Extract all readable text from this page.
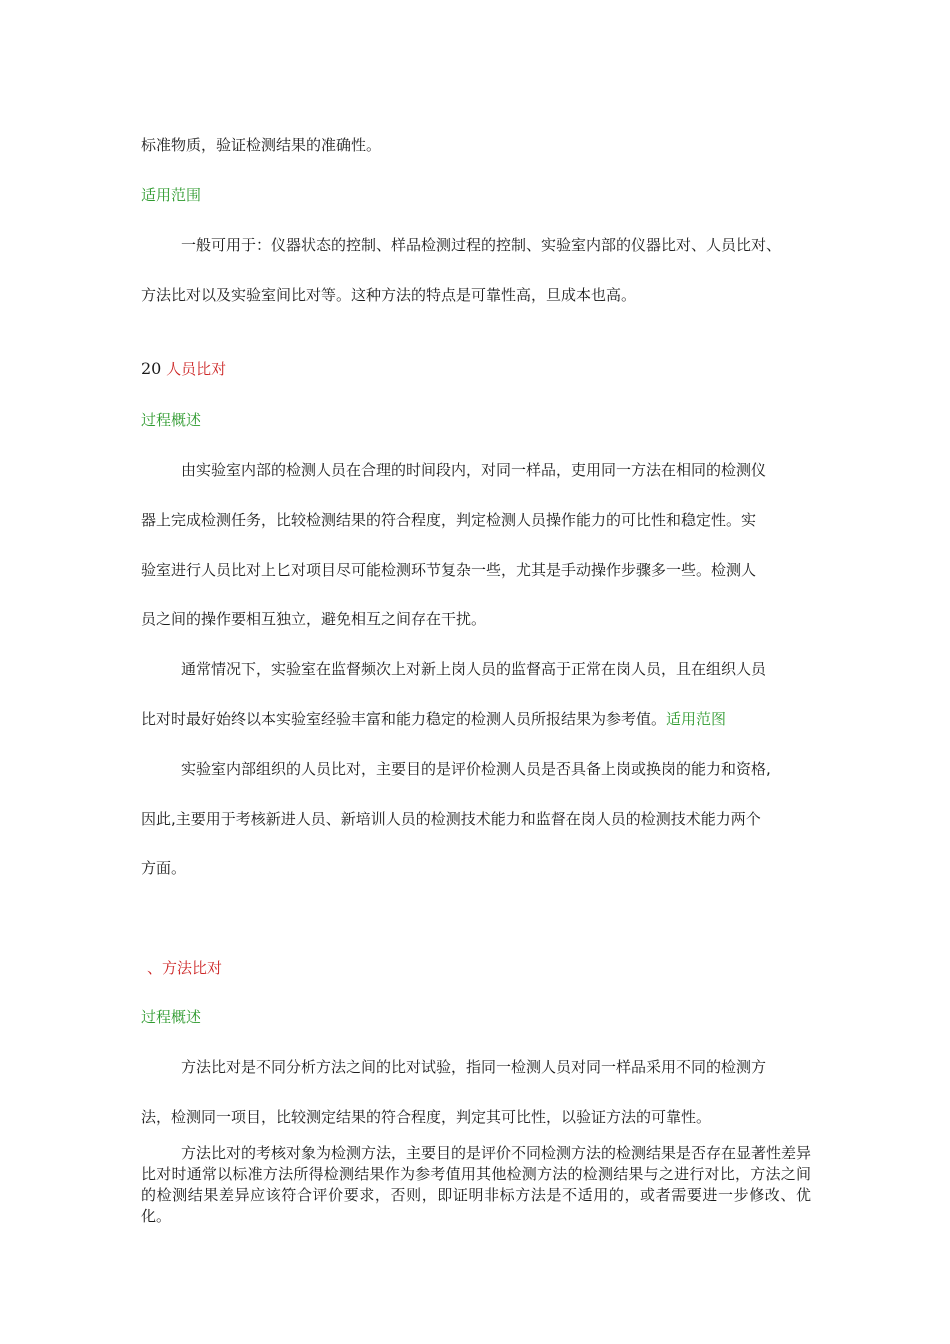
标准物质，验证检测结果的准确性。
适用范围
一般可用于：仪器状态的控制、样品检测过程的控制、实验室内部的仪器比对、人员比对、
方法比对以及实验室间比对等。这种方法的特点是可靠性高，旦成本也高。
20 人员比对
过程概述
由实验室内部的检测人员在合理的时间段内，对同一样品，吏用同一方法在相同的检测仪
器上完成检测任务，比较检测结果的符合程度，判定检测人员操作能力的可比性和稳定性。实
验室进行人员比对上匕对项目尽可能检测环节复杂一些，尤其是手动操作步骤多一些。检测人
员之间的操作要相互独立，避免相互之间存在干扰。
通常情况下，实验室在监督频次上对新上岗人员的监督高于正常在岗人员，且在组织人员
比对时最好始终以本实验室经验丰富和能力稳定的检测人员所报结果为参考值。适用范图
实验室内部组织的人员比对，主要目的是评价检测人员是否具备上岗或换岗的能力和资格,
因此,主要用于考核新进人员、新培训人员的检测技术能力和监督在岗人员的检测技术能力两个
方面。
、方法比对
过程概述
方法比对是不同分析方法之间的比对试验，指同一检测人员对同一样品采用不同的检测方
法，检测同一项目，比较测定结果的符合程度，判定其可比性，以验证方法的可靠性。
方法比对的考核对象为检测方法，主要目的是评价不同检测方法的检测结果是否存在显著性差异比对时通常以标准方法所得检测结果作为参考值用其他检测方法的检测结果与之进行对比，方法之间的检测结果差异应该符合评价要求，否则，即证明非标方法是不适用的，或者需要进一步修改、优化。
